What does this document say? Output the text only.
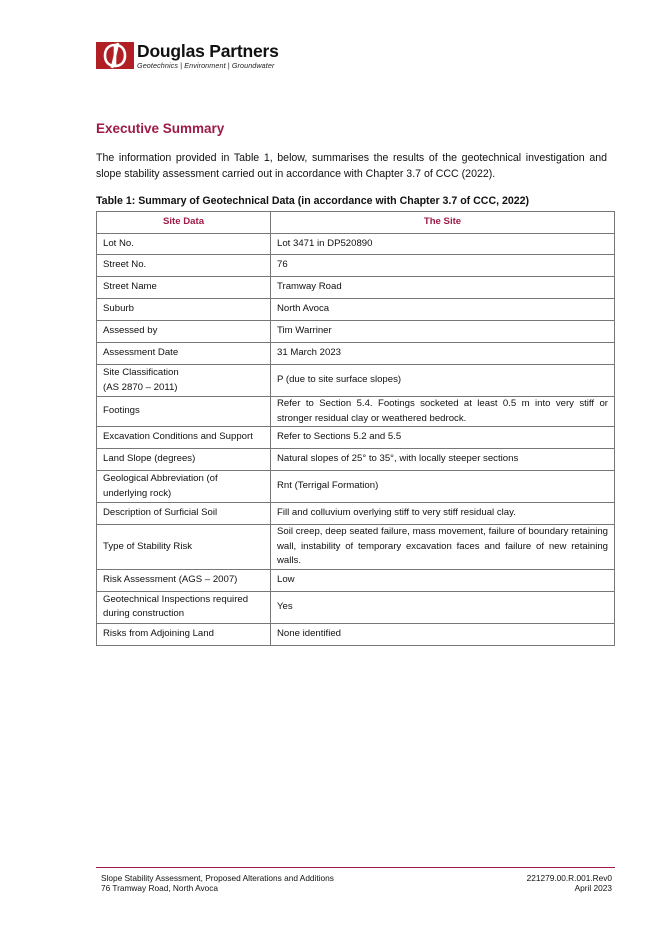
Douglas Partners
Geotechnics | Environment | Groundwater
Executive Summary
The information provided in Table 1, below, summarises the results of the geotechnical investigation and slope stability assessment carried out in accordance with Chapter 3.7 of CCC (2022).
Table 1: Summary of Geotechnical Data (in accordance with Chapter 3.7 of CCC, 2022)
Site Data	The Site
Lot No.	Lot 3471 in DP520890
Street No.	76
Street Name	Tramway Road
Suburb	North Avoca
Assessed by	Tim Warriner
Assessment Date	31 March 2023
Site Classification
(AS 2870 – 2011)	P (due to site surface slopes)
Footings	Refer to Section 5.4. Footings socketed at least 0.5 m into very stiff or stronger residual clay or weathered bedrock.
Excavation Conditions and Support	Refer to Sections 5.2 and 5.5
Land Slope (degrees)	Natural slopes of 25° to 35°, with locally steeper sections
Geological Abbreviation (of underlying rock)	Rnt (Terrigal Formation)
Description of Surficial Soil	Fill and colluvium overlying stiff to very stiff residual clay.
Type of Stability Risk	Soil creep, deep seated failure, mass movement, failure of boundary retaining wall, instability of temporary excavation faces and failure of new retaining walls.
Risk Assessment (AGS – 2007)	Low
Geotechnical Inspections required during construction	Yes
Risks from Adjoining Land	None identified
Slope Stability Assessment, Proposed Alterations and Additions
76 Tramway Road, North Avoca
221279.00.R.001.Rev0
April 2023
